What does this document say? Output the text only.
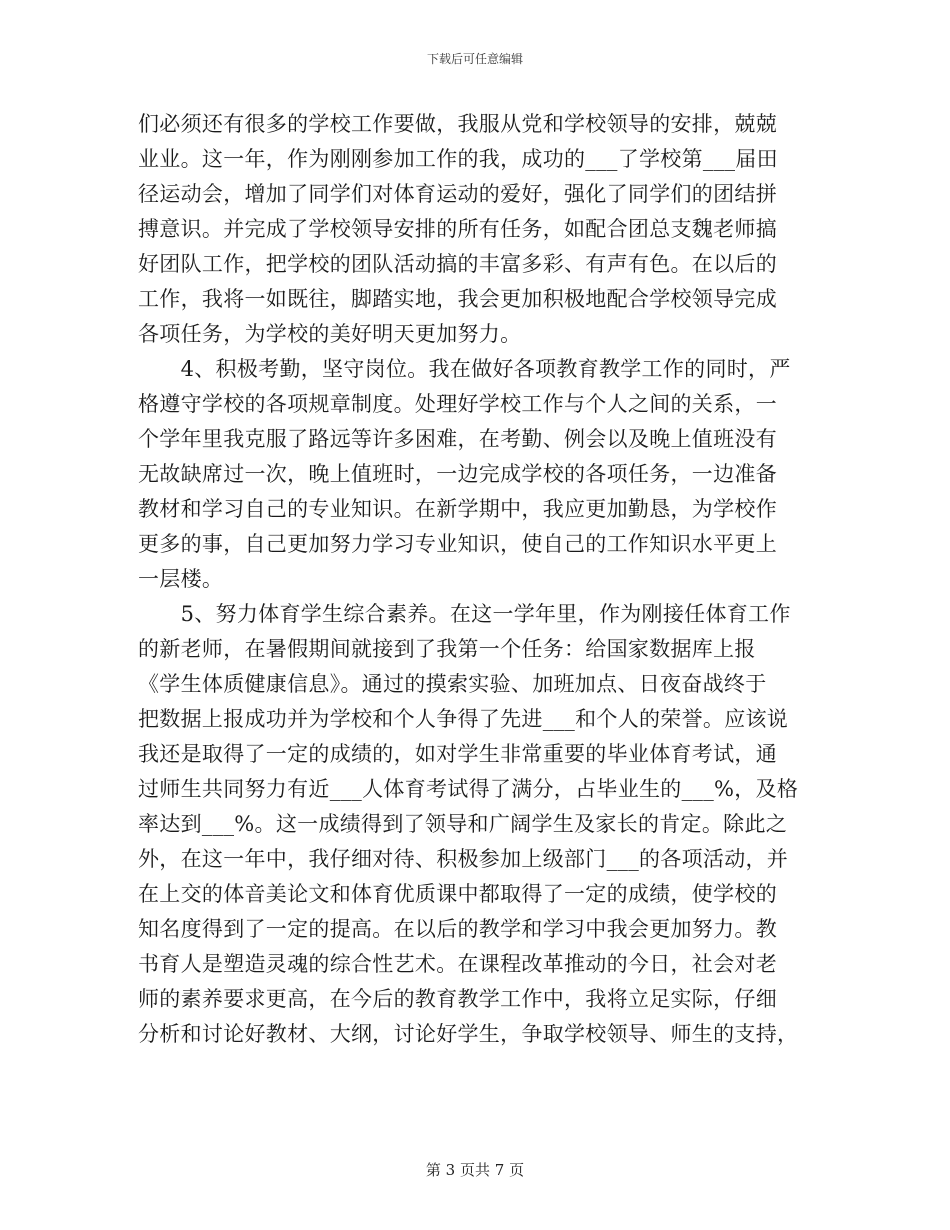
下载后可任意编辑
们必须还有很多的学校工作要做，我服从党和学校领导的安排，兢兢
业业。这一年，作为刚刚参加工作的我，成功的___了学校第___届田
径运动会，增加了同学们对体育运动的爱好，强化了同学们的团结拼
搏意识。并完成了学校领导安排的所有任务，如配合团总支魏老师搞
好团队工作，把学校的团队活动搞的丰富多彩、有声有色。在以后的
工作，我将一如既往，脚踏实地，我会更加积极地配合学校领导完成
各项任务，为学校的美好明天更加努力。
　　4、积极考勤，坚守岗位。我在做好各项教育教学工作的同时，严
格遵守学校的各项规章制度。处理好学校工作与个人之间的关系，一
个学年里我克服了路远等许多困难，在考勤、例会以及晚上值班没有
无故缺席过一次，晚上值班时，一边完成学校的各项任务，一边准备
教材和学习自己的专业知识。在新学期中，我应更加勤恳，为学校作
更多的事，自己更加努力学习专业知识，使自己的工作知识水平更上
一层楼。
　　5、努力体育学生综合素养。在这一学年里，作为刚接任体育工作
的新老师，在暑假期间就接到了我第一个任务：给国家数据库上报
《学生体质健康信息》。通过的摸索实验、加班加点、日夜奋战终于
把数据上报成功并为学校和个人争得了先进___和个人的荣誉。应该说
我还是取得了一定的成绩的，如对学生非常重要的毕业体育考试，通
过师生共同努力有近___人体育考试得了满分，占毕业生的___%，及格
率达到___%。这一成绩得到了领导和广阔学生及家长的肯定。除此之
外，在这一年中，我仔细对待、积极参加上级部门___的各项活动，并
在上交的体音美论文和体育优质课中都取得了一定的成绩，使学校的
知名度得到了一定的提高。在以后的教学和学习中我会更加努力。教
书育人是塑造灵魂的综合性艺术。在课程改革推动的今日，社会对老
师的素养要求更高，在今后的教育教学工作中，我将立足实际，仔细
分析和讨论好教材、大纲，讨论好学生，争取学校领导、师生的支持，
第 3 页共 7 页
